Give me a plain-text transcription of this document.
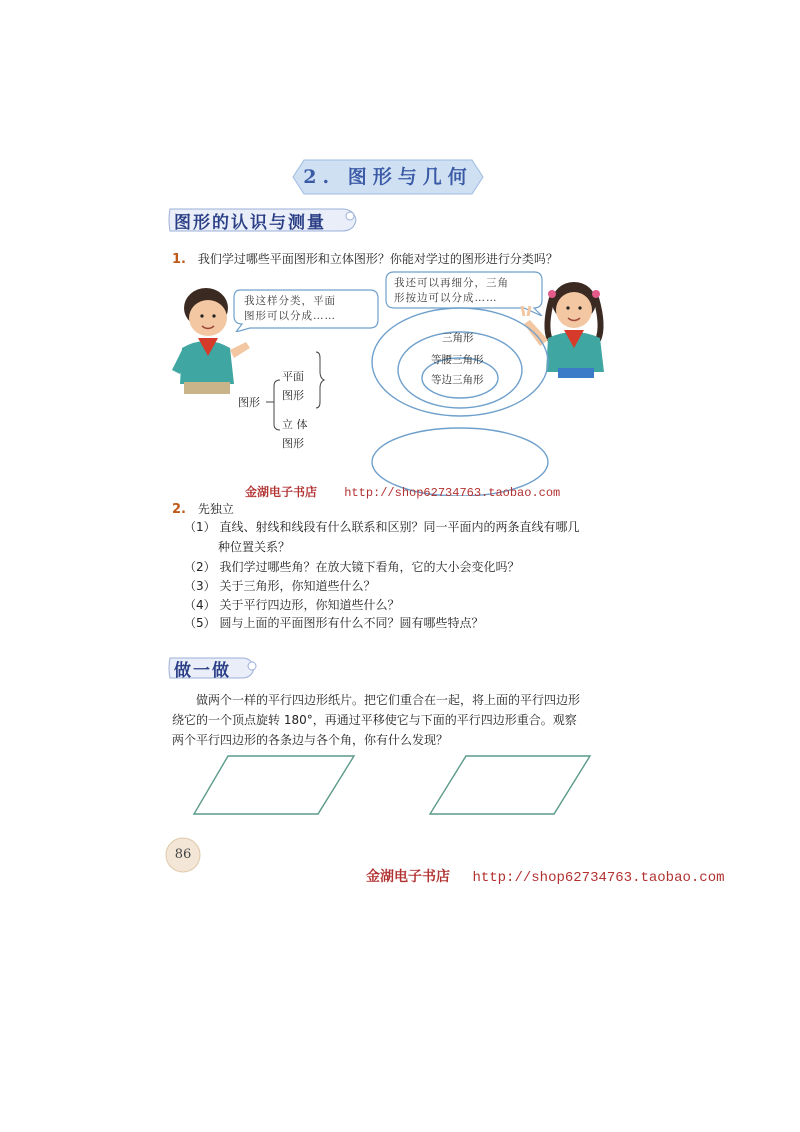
2. 图形与几何
图形的认识与测量
1. 我们学过哪些平面图形和立体图形？你能对学过的图形进行分类吗？
我这样分类，平面
图形可以分成……
我还可以再细分，三角
形按边可以分成……
图形
平面
图形
立 体
图形
三角形
等腰三角形
等边三角形
金湖电子书店 http://shop62734763.taobao.com
2. 先独立
（1） 直线、射线和线段有什么联系和区别？同一平面内的两条直线有哪几
种位置关系？
（2） 我们学过哪些角？在放大镜下看角，它的大小会变化吗？
（3） 关于三角形，你知道些什么？
（4） 关于平行四边形，你知道些什么？
（5） 圆与上面的平面图形有什么不同？圆有哪些特点？
做一做
做两个一样的平行四边形纸片。把它们重合在一起，将上面的平行四边形
绕它的一个顶点旋转 180°，再通过平移使它与下面的平行四边形重合。观察
两个平行四边形的各条边与各个角，你有什么发现？
86
金湖电子书店 http://shop62734763.taobao.com
